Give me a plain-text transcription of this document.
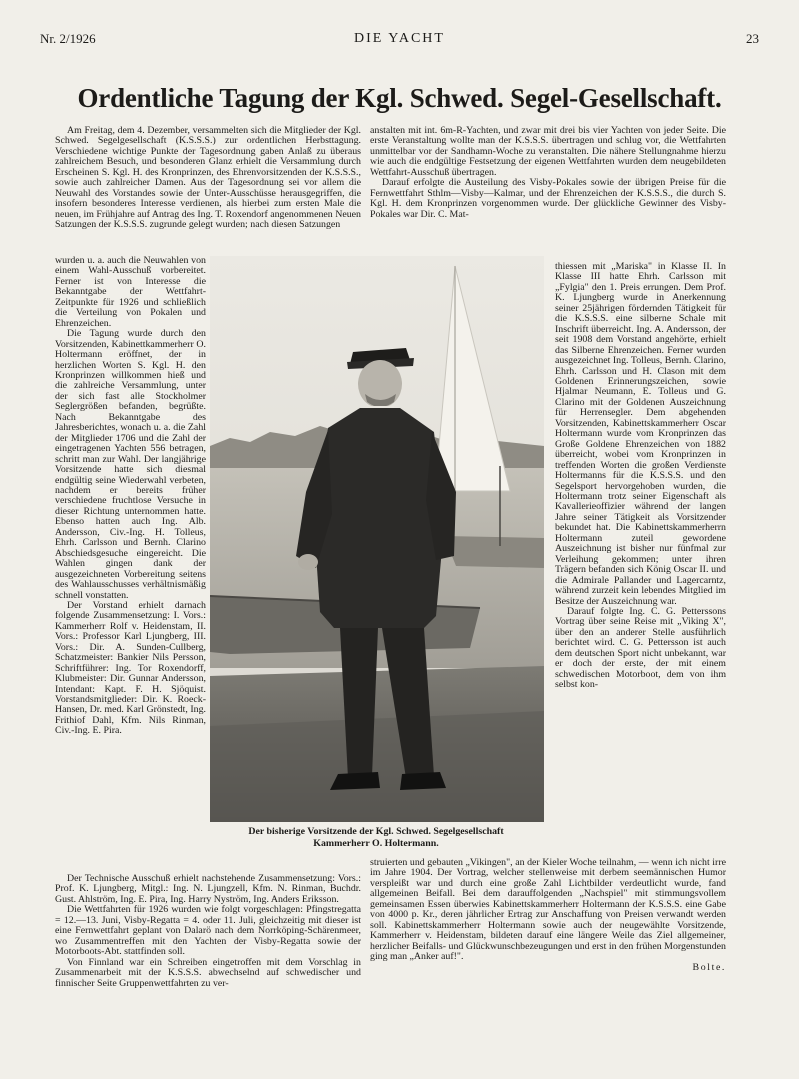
Nr. 2/1926	DIE YACHT	23
Ordentliche Tagung der Kgl. Schwed. Segel-Gesellschaft.

Am Freitag, dem 4. Dezember, versammelten sich die Mitglieder der Kgl. Schwed. Segelgesellschaft (K.S.S.S.) zur ordentlichen Herbsttagung. Verschiedene wichtige Punkte der Tagesordnung gaben Anlaß zu überaus zahlreichem Besuch, und besonderen Glanz erhielt die Versammlung durch Erscheinen S. Kgl. H. des Kronprinzen, des Ehrenvorsitzenden der K.S.S.S., sowie auch zahlreicher Damen. Aus der Tagesordnung sei vor allem die Neuwahl des Vorstandes sowie der Unter-Ausschüsse herausgegriffen, die insofern besonderes Interesse verdienen, als hierbei zum ersten Male die neuen, im Frühjahre auf Antrag des Ing. T. Roxendorf angenommenen Neuen Satzungen der K.S.S.S. zugrunde gelegt wurden; nach diesen Satzungen

wurden u. a. auch die Neuwahlen von einem Wahl-Ausschuß vorbereitet. Ferner ist von Interesse die Bekanntgabe der Wettfahrt-Zeitpunkte für 1926 und schließlich die Verteilung von Pokalen und Ehrenzeichen.

Die Tagung wurde durch den Vorsitzenden, Kabinettkammerherr O. Holtermann eröffnet, der in herzlichen Worten S. Kgl. H. den Kronprinzen willkommen hieß und die zahlreiche Versammlung, unter der sich fast alle Stockholmer Seglergrößen befanden, begrüßte. Nach Bekanntgabe des Jahresberichtes, wonach u. a. die Zahl der Mitglieder 1706 und die Zahl der eingetragenen Yachten 556 betragen, schritt man zur Wahl. Der langjährige Vorsitzende hatte sich diesmal endgültig seine Wiederwahl verbeten, nachdem er bereits früher verschiedene fruchtlose Versuche in dieser Richtung unternommen hatte. Ebenso hatten auch Ing. Alb. Andersson, Civ.-Ing. H. Tolleus, Ehrh. Carlsson und Bernh. Clarino Abschiedsgesuche eingereicht. Die Wahlen gingen dank der ausgezeichneten Vorbereitung seitens des Wahlausschusses verhältnismäßig schnell vonstatten.

Der Vorstand erhielt darnach folgende Zusammensetzung: I. Vors.: Kammerherr Rolf v. Heidenstam, II. Vors.: Professor Karl Ljungberg, III. Vors.: Dir. A. Sunden-Cullberg, Schatzmeister: Bankier Nils Persson, Schriftführer: Ing. Tor Roxendorff, Klubmeister: Dir. Gunnar Andersson, Intendant: Kapt. F. H. Sjöquist. Vorstandsmitglieder: Dir. K. Roeck-Hansen, Dr. med. Karl Grönstedt, Ing. Frithiof Dahl, Kfm. Nils Rinman, Civ.-Ing. E. Pira.

Der bisherige Vorsitzende der Kgl. Schwed. Segelgesellschaft
Kammerherr O. Holtermann.

Der Technische Ausschuß erhielt nachstehende Zusammensetzung: Vors.: Prof. K. Ljungberg, Mitgl.: Ing. N. Ljungzell, Kfm. N. Rinman, Buchdr. Gust. Ahlström, Ing. E. Pira, Ing. Harry Nyström, Ing. Anders Eriksson.

Die Wettfahrten für 1926 wurden wie folgt vorgeschlagen: Pfingstregatta = 12.—13. Juni, Visby-Regatta = 4. oder 11. Juli, gleichzeitig mit dieser ist eine Fernwettfahrt geplant von Dalarö nach dem Norrköping-Schärenmeer, wo Zusammentreffen mit den Yachten der Visby-Regatta sowie der Motorboots-Abt. stattfinden soll.

Von Finnland war ein Schreiben eingetroffen mit dem Vorschlag in Zusammenarbeit mit der K.S.S.S. abwechselnd auf schwedischer und finnischer Seite Gruppenwettfahrten zu ver-

anstalten mit int. 6m-R-Yachten, und zwar mit drei bis vier Yachten von jeder Seite. Die erste Veranstaltung wollte man der K.S.S.S. übertragen und schlug vor, die Wettfahrten unmittelbar vor der Sandhamn-Woche zu veranstalten. Die nähere Stellungnahme hierzu wie auch die endgültige Festsetzung der eigenen Wettfahrten wurden dem neugebildeten Wettfahrt-Ausschuß übertragen.

Darauf erfolgte die Austeilung des Visby-Pokales sowie der übrigen Preise für die Fernwettfahrt Sthlm—Visby—Kalmar, und der Ehrenzeichen der K.S.S.S., die durch S. Kgl. H. dem Kronprinzen vorgenommen wurde. Der glückliche Gewinner des Visby-Pokales war Dir. C. Mat-

thiessen mit „Mariska" in Klasse II. In Klasse III hatte Ehrh. Carlsson mit „Fylgia" den 1. Preis errungen. Dem Prof. K. Ljungberg wurde in Anerkennung seiner 25jährigen fördernden Tätigkeit für die K.S.S.S. eine silberne Schale mit Inschrift überreicht. Ing. A. Andersson, der seit 1908 dem Vorstand angehörte, erhielt das Silberne Ehrenzeichen. Ferner wurden ausgezeichnet Ing. Tolleus, Bernh. Clarino, Ehrh. Carlsson und H. Clason mit dem Goldenen Erinnerungszeichen, sowie Hjalmar Neumann, E. Tolleus und G. Clarino mit der Goldenen Auszeichnung für Herrensegler. Dem abgehenden Vorsitzenden, Kabinettskammerherr Oscar Holtermann wurde vom Kronprinzen das Große Goldene Ehrenzeichen von 1882 überreicht, wobei vom Kronprinzen in treffenden Worten die großen Verdienste Holtermanns für die K.S.S.S. und den Segelsport hervorgehoben wurden, die Holtermann trotz seiner Eigenschaft als Kavallerieoffizier während der langen Jahre seiner Tätigkeit als Vorsitzender bekundet hat. Die Kabinettskammerherrn Holtermann zuteil gewordene Auszeichnung ist bisher nur fünfmal zur Verleihung gekommen; unter ihren Trägern befanden sich König Oscar II. und die Admirale Pallander und Lagercarntz, während zurzeit kein lebendes Mitglied im Besitze der Auszeichnung war.

Darauf folgte Ing. C. G. Petterssons Vortrag über seine Reise mit „Viking X", über den an anderer Stelle ausführlich berichtet wird. C. G. Pettersson ist auch dem deutschen Sport nicht unbekannt, war er doch der erste, der mit einem schwedischen Motorboot, dem von ihm selbst kon-

struierten und gebauten „Vikingen", an der Kieler Woche teilnahm, — wenn ich nicht irre im Jahre 1904. Der Vortrag, welcher stellenweise mit derbem seemännischen Humor verspleißt war und durch eine große Zahl Lichtbilder verdeutlicht wurde, fand allgemeinen Beifall. Bei dem darauffolgenden „Nachspiel" mit stimmungsvollem gemeinsamen Essen überwies Kabinettskammerherr Holtermann der K.S.S.S. eine Gabe von 4000 p. Kr., deren jährlicher Ertrag zur Anschaffung von Preisen verwandt werden soll. Kabinettskammerherr Holtermann sowie auch der neugewählte Vorsitzende, Kammerherr v. Heidenstam, bildeten darauf eine längere Weile das Ziel allgemeiner, herzlicher Beifalls- und Glückwunschbezeugungen und erst in den frühen Morgenstunden ging man „Anker auf!".

Bolte.
